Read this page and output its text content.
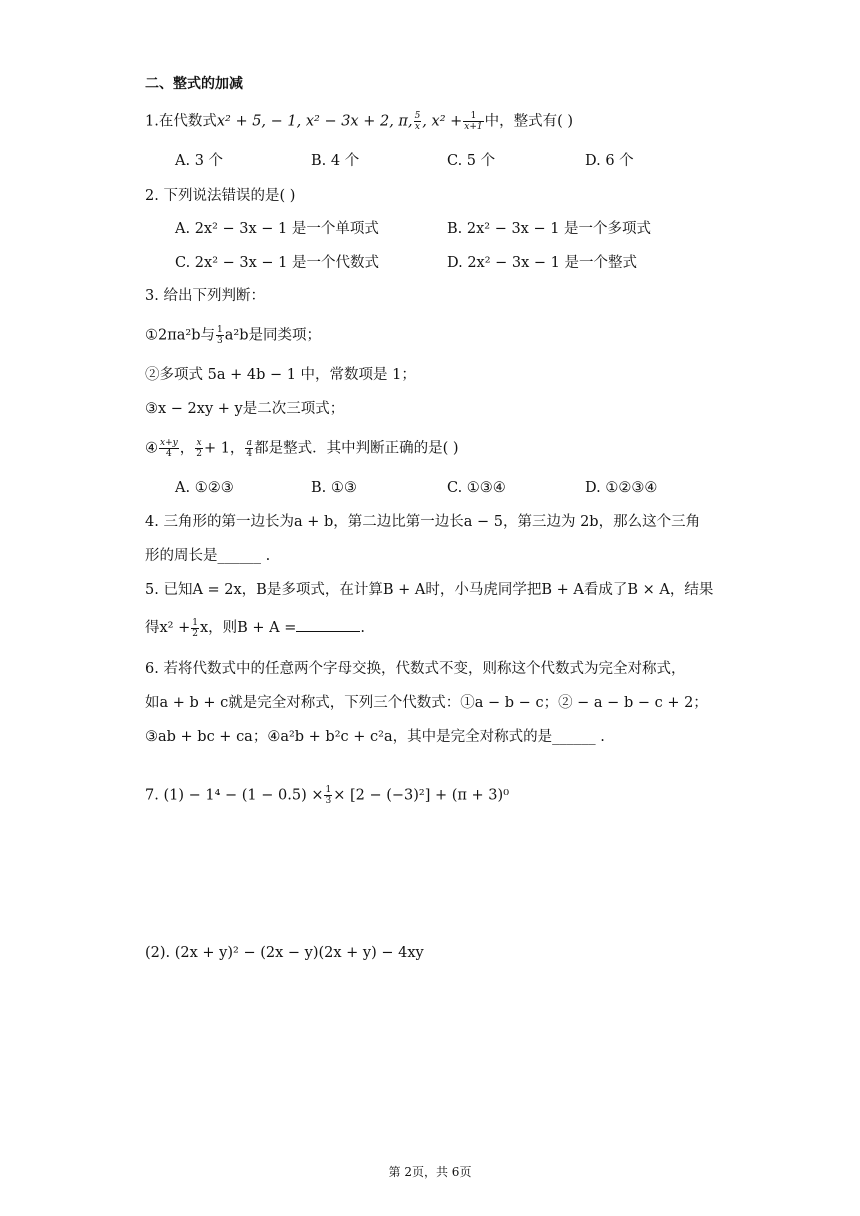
二、整式的加减
1.在代数式x² + 5, − 1, x² − 3x + 2, π, $\frac{5}{x}$ , $x^2 + \frac{1}{x+1}$ 中，整式有( )
A. 3 个	B. 4 个	C. 5 个	D. 6 个
2. 下列说法错误的是( )
A. 2x² − 3x − 1 是一个单项式	B. 2x² − 3x − 1 是一个多项式
C. 2x² − 3x − 1 是一个代数式	D. 2x² − 3x − 1 是一个整式
3. 给出下列判断：
①2πa²b与 $\frac{1}{3} a^2b$是同类项；
②多项式 5a + 4b − 1 中，常数项是 1；
③x − 2xy + y是二次三项式；
④ $\frac{x+y}{4}$ ， $\frac{x}{2} + 1$， $\frac{a}{4}$ 都是整式．其中判断正确的是( )
A. ①②③	B. ①③	C. ①③④	D. ①②③④
4. 三角形的第一边长为a + b，第二边比第一边长a − 5，第三边为 2b，那么这个三角
形的周长是______ .
5. 已知A = 2x，B是多项式，在计算B + A时，小马虎同学把B + A看成了B × A，结果
得$x^2 + \frac{1}{2}$ x，则B + A =	.
6. 若将代数式中的任意两个字母交换，代数式不变，则称这个代数式为完全对称式，
如a + b + c就是完全对称式，下列三个代数式：①a − b − c；② − a − b − c + 2；
③ab + bc + ca；④a²b + b²c + c²a，其中是完全对称式的是______ .
7. $(1) - 1^4 - (1 - 0.5) \times \frac{1}{3} \times [2 - (-3)^2] + (\pi + 3)^0$
(2). (2x + y)² − (2x − y)(2x + y) − 4xy
第 2页，共 6页
